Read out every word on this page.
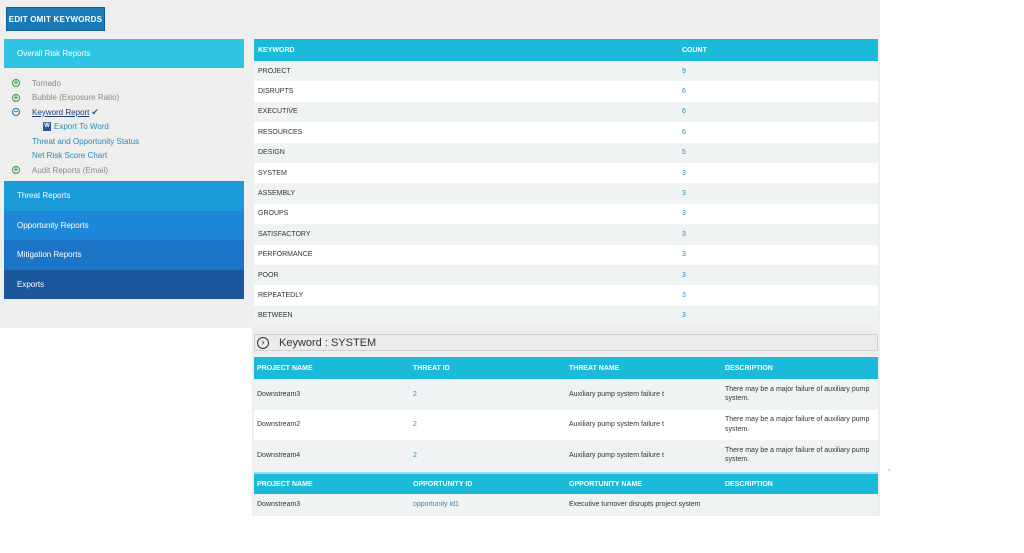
EDIT OMIT KEYWORDS
Overall Risk Reports
+ Tornado
+ Bubble (Exposure Ratio)
− Keyword Report ✔
W Export To Word
Threat and Opportunity Status
Net Risk Score Chart
+ Audit Reports (Email)
Threat Reports
Opportunity Reports
Mitigation Reports
Exports
KEYWORD	COUNT
PROJECT	9
DISRUPTS	6
EXECUTIVE	6
RESOURCES	6
DESIGN	5
SYSTEM	3
ASSEMBLY	3
GROUPS	3
SATISFACTORY	3
PERFORMANCE	3
POOR	3
REPEATEDLY	3
BETWEEN	3
›	Keyword : SYSTEM
PROJECT NAME	THREAT ID	THREAT NAME	DESCRIPTION
Downstream3	2	Auxiliary pump system failure t	There may be a major failure of auxiliary pump system.
Downstream2	2	Auxiliary pump system failure t	There may be a major failure of auxiliary pump system.
Downstream4	2	Auxiliary pump system failure t	There may be a major failure of auxiliary pump system.
PROJECT NAME	OPPORTUNITY ID	OPPORTUNITY NAME	DESCRIPTION
Downstream3	opportunity id1	Executive turnover disrupts project system	
,
